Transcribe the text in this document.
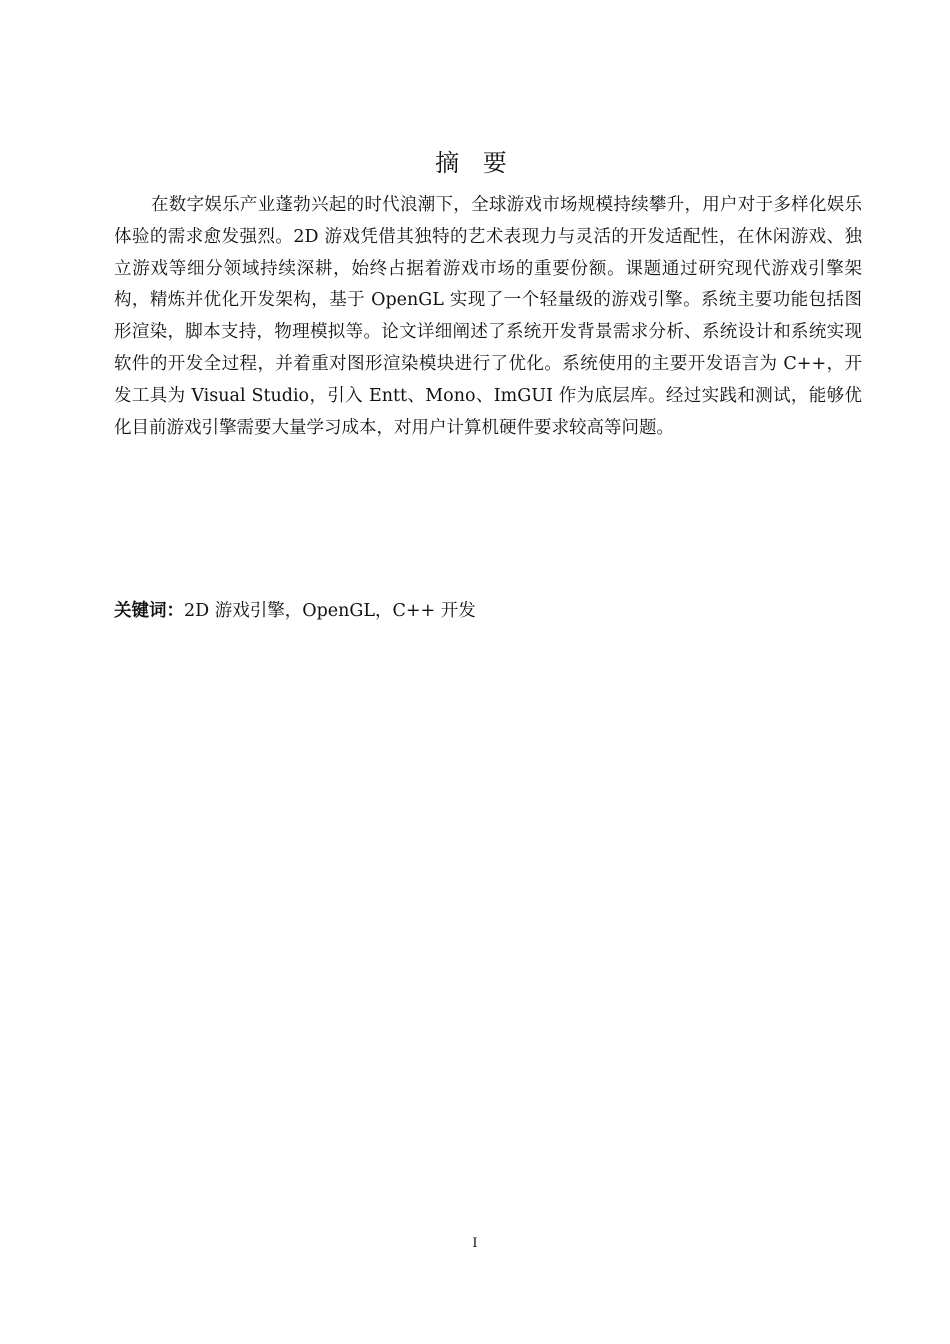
摘 要

在数字娱乐产业蓬勃兴起的时代浪潮下，全球游戏市场规模持续攀升，用户对于多样化娱乐体验的需求愈发强烈。2D 游戏凭借其独特的艺术表现力与灵活的开发适配性，在休闲游戏、独立游戏等细分领域持续深耕，始终占据着游戏市场的重要份额。课题通过研究现代游戏引擎架构，精炼并优化开发架构，基于 OpenGL 实现了一个轻量级的游戏引擎。系统主要功能包括图形渲染，脚本支持，物理模拟等。论文详细阐述了系统开发背景需求分析、系统设计和系统实现软件的开发全过程，并着重对图形渲染模块进行了优化。系统使用的主要开发语言为 C++，开发工具为 Visual Studio，引入 Entt、Mono、ImGUI 作为底层库。经过实践和测试，能够优化目前游戏引擎需要大量学习成本，对用户计算机硬件要求较高等问题。

关键词：2D 游戏引擎，OpenGL，C++ 开发

I
